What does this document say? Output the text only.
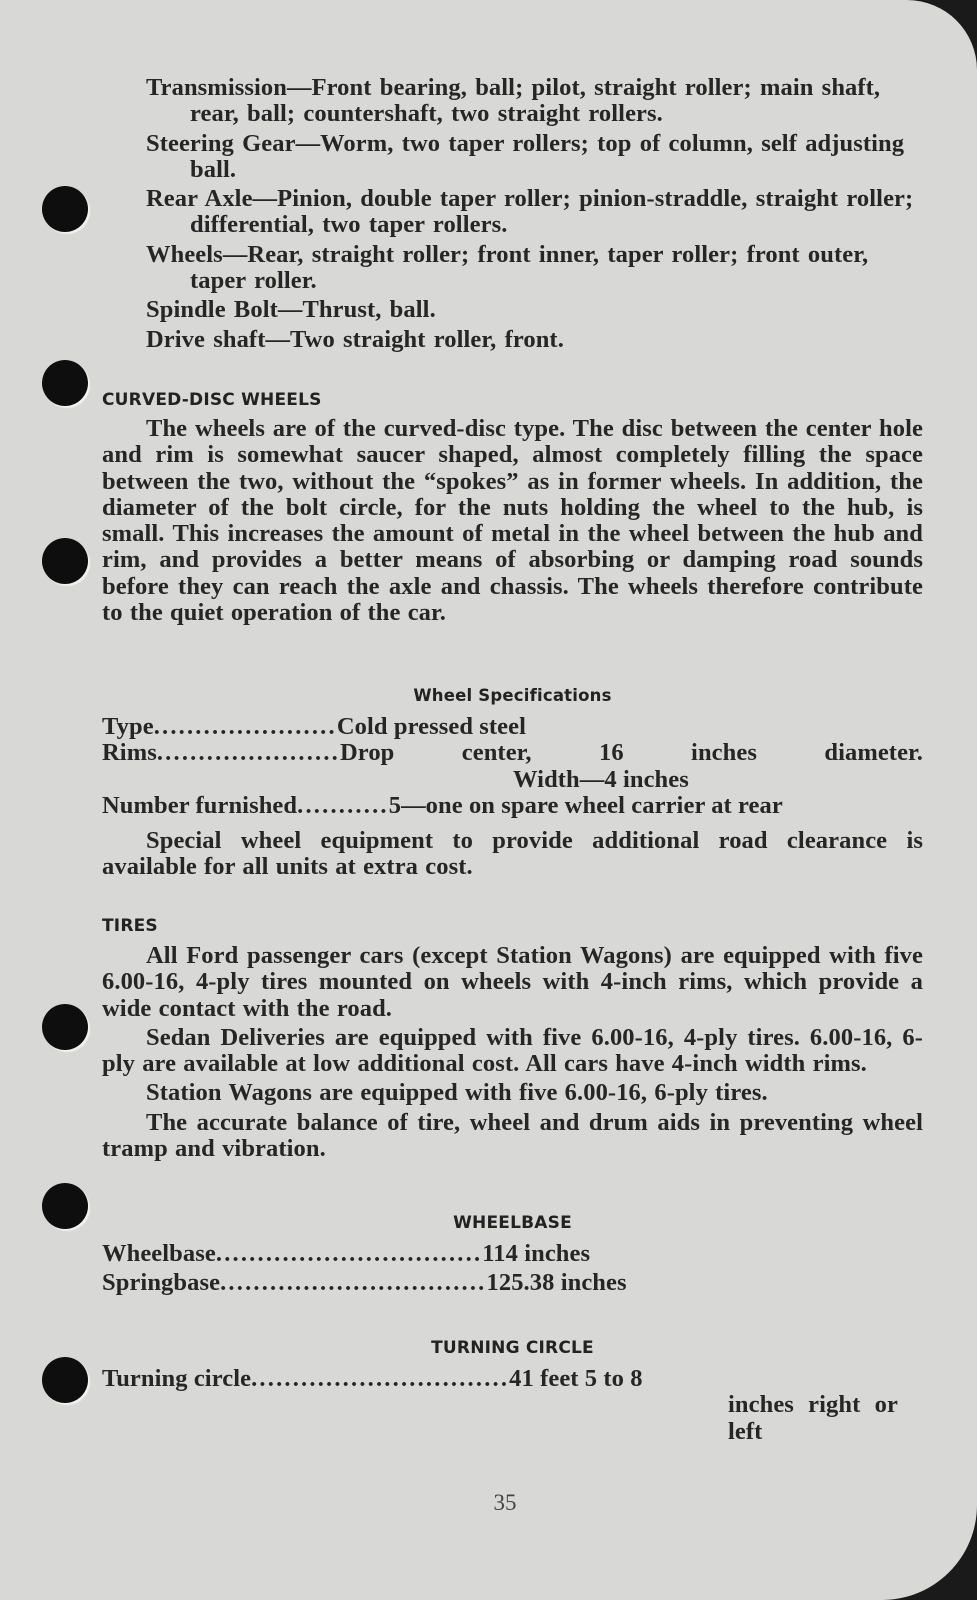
Transmission—Front bearing, ball; pilot, straight roller; main shaft, rear, ball; countershaft, two straight rollers.

Steering Gear—Worm, two taper rollers; top of column, self adjusting ball.

Rear Axle—Pinion, double taper roller; pinion-straddle, straight roller; differential, two taper rollers.

Wheels—Rear, straight roller; front inner, taper roller; front outer, taper roller.

Spindle Bolt—Thrust, ball.

Drive shaft—Two straight roller, front.

CURVED-DISC WHEELS

The wheels are of the curved-disc type. The disc between the center hole and rim is somewhat saucer shaped, almost completely filling the space between the two, without the “spokes” as in former wheels. In addition, the diameter of the bolt circle, for the nuts holding the wheel to the hub, is small. This increases the amount of metal in the wheel between the hub and rim, and provides a better means of absorbing or damping road sounds before they can reach the axle and chassis. The wheels therefore contribute to the quiet operation of the car.

Wheel Specifications
Type ...................... Cold pressed steel
Rims ...................... Drop center, 16 inches diameter.
Width—4 inches
Number furnished ........... 5—one on spare wheel carrier at rear

Special wheel equipment to provide additional road clearance is available for all units at extra cost.

TIRES

All Ford passenger cars (except Station Wagons) are equipped with five 6.00-16, 4-ply tires mounted on wheels with 4-inch rims, which provide a wide contact with the road.

Sedan Deliveries are equipped with five 6.00-16, 4-ply tires. 6.00-16, 6-ply are available at low additional cost. All cars have 4-inch width rims.

Station Wagons are equipped with five 6.00-16, 6-ply tires.

The accurate balance of tire, wheel and drum aids in preventing wheel tramp and vibration.

WHEELBASE
Wheelbase ................................ 114 inches
Springbase ................................ 125.38 inches
TURNING CIRCLE
Turning circle ............................... 41 feet 5 to 8
inches right or
left
35
